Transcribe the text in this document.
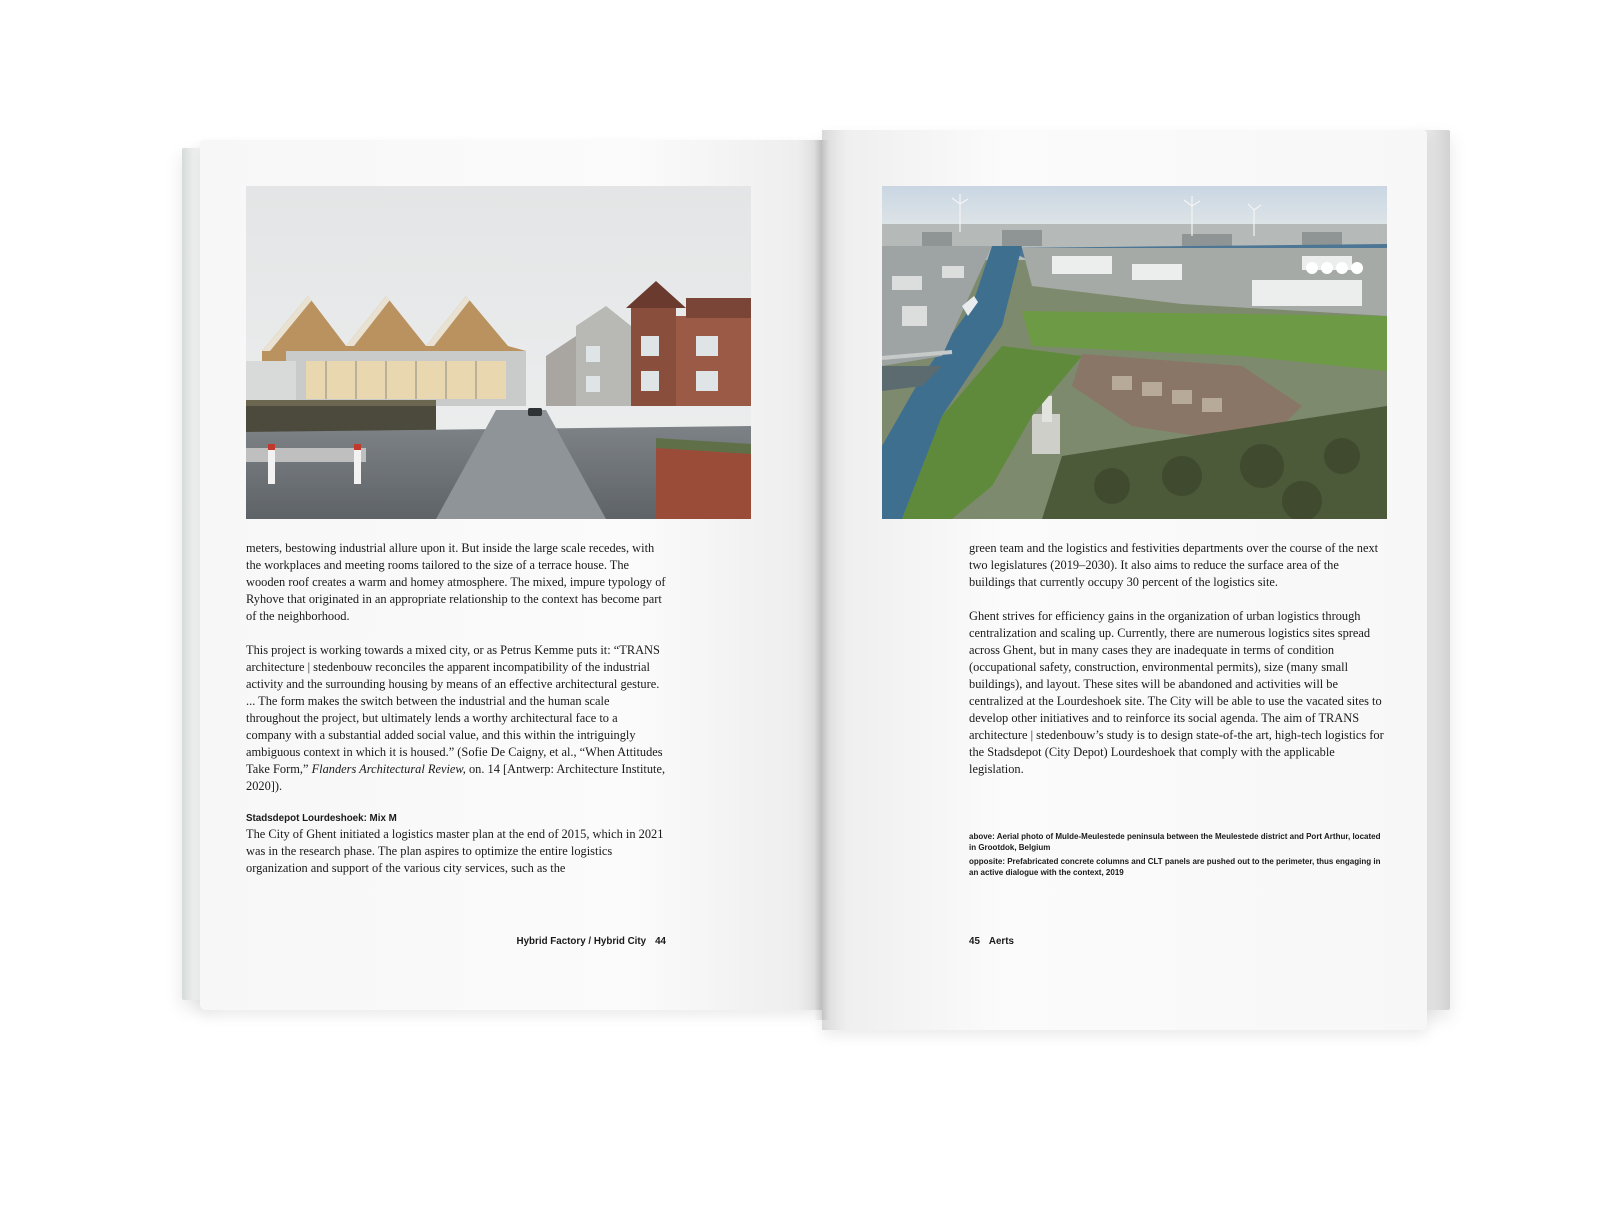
meters, bestowing industrial allure upon it. But inside the large scale recedes, with the workplaces and meeting rooms tailored to the size of a terrace house. The wooden roof creates a warm and homey atmosphere. The mixed, impure typology of Ryhove that originated in an appropriate relationship to the context has become part of the neighborhood.

This project is working towards a mixed city, or as Petrus Kemme puts it: “TRANS architecture | stedenbouw reconciles the apparent incompatibility of the industrial activity and the surrounding housing by means of an effective architectural gesture. ... The form makes the switch between the industrial and the human scale throughout the project, but ultimately lends a worthy architectural face to a company with a substantial added social value, and this within the intriguingly ambiguous context in which it is housed.” (Sofie De Caigny, et al., “When Attitudes Take Form,” Flanders Architectural Review, on. 14 [Antwerp: Architecture Institute, 2020]).

Stadsdepot Lourdeshoek: Mix M

The City of Ghent initiated a logistics master plan at the end of 2015, which in 2021 was in the research phase. The plan aspires to optimize the entire logistics organization and support of the various city services, such as the

green team and the logistics and festivities departments over the course of the next two legislatures (2019–2030). It also aims to reduce the surface area of the buildings that currently occupy 30 percent of the logistics site.

Ghent strives for efficiency gains in the organization of urban logistics through centralization and scaling up. Currently, there are numerous logistics sites spread across Ghent, but in many cases they are inadequate in terms of condition (occupational safety, construction, environmental permits), size (many small buildings), and layout. These sites will be abandoned and activities will be centralized at the Lourdeshoek site. The City will be able to use the vacated sites to develop other initiatives and to reinforce its social agenda. The aim of TRANS architecture | stedenbouw’s study is to design state-of-the art, high-tech logistics for the Stadsdepot (City Depot) Lourdeshoek that comply with the applicable legislation.

above: Aerial photo of Mulde-Meulestede peninsula between the Meulestede district and Port Arthur, located in Grootdok, Belgium
opposite: Prefabricated concrete columns and CLT panels are pushed out to the perimeter, thus engaging in an active dialogue with the context, 2019
Hybrid Factory / Hybrid City 44	45 Aerts
